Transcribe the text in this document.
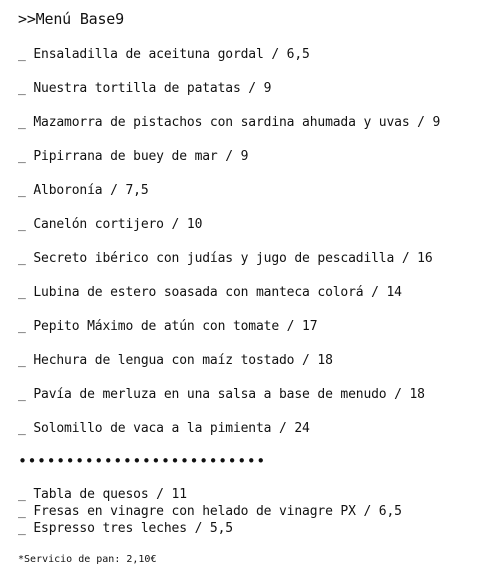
>>Menú Base9
_ Ensaladilla de aceituna gordal / 6,5
_ Nuestra tortilla de patatas / 9
_ Mazamorra de pistachos con sardina ahumada y uvas / 9
_ Pipirrana de buey de mar / 9
_ Alboronía / 7,5
_ Canelón cortijero / 10
_ Secreto ibérico con judías y jugo de pescadilla / 16
_ Lubina de estero soasada con manteca colorá / 14
_ Pepito Máximo de atún con tomate / 17
_ Hechura de lengua con maíz tostado / 18
_ Pavía de merluza en una salsa a base de menudo / 18
_ Solomillo de vaca a la pimienta / 24
••••••••••••••••••••••••••
_ Tabla de quesos / 11
_ Fresas en vinagre con helado de vinagre PX / 6,5
_ Espresso tres leches / 5,5
*Servicio de pan: 2,10€
